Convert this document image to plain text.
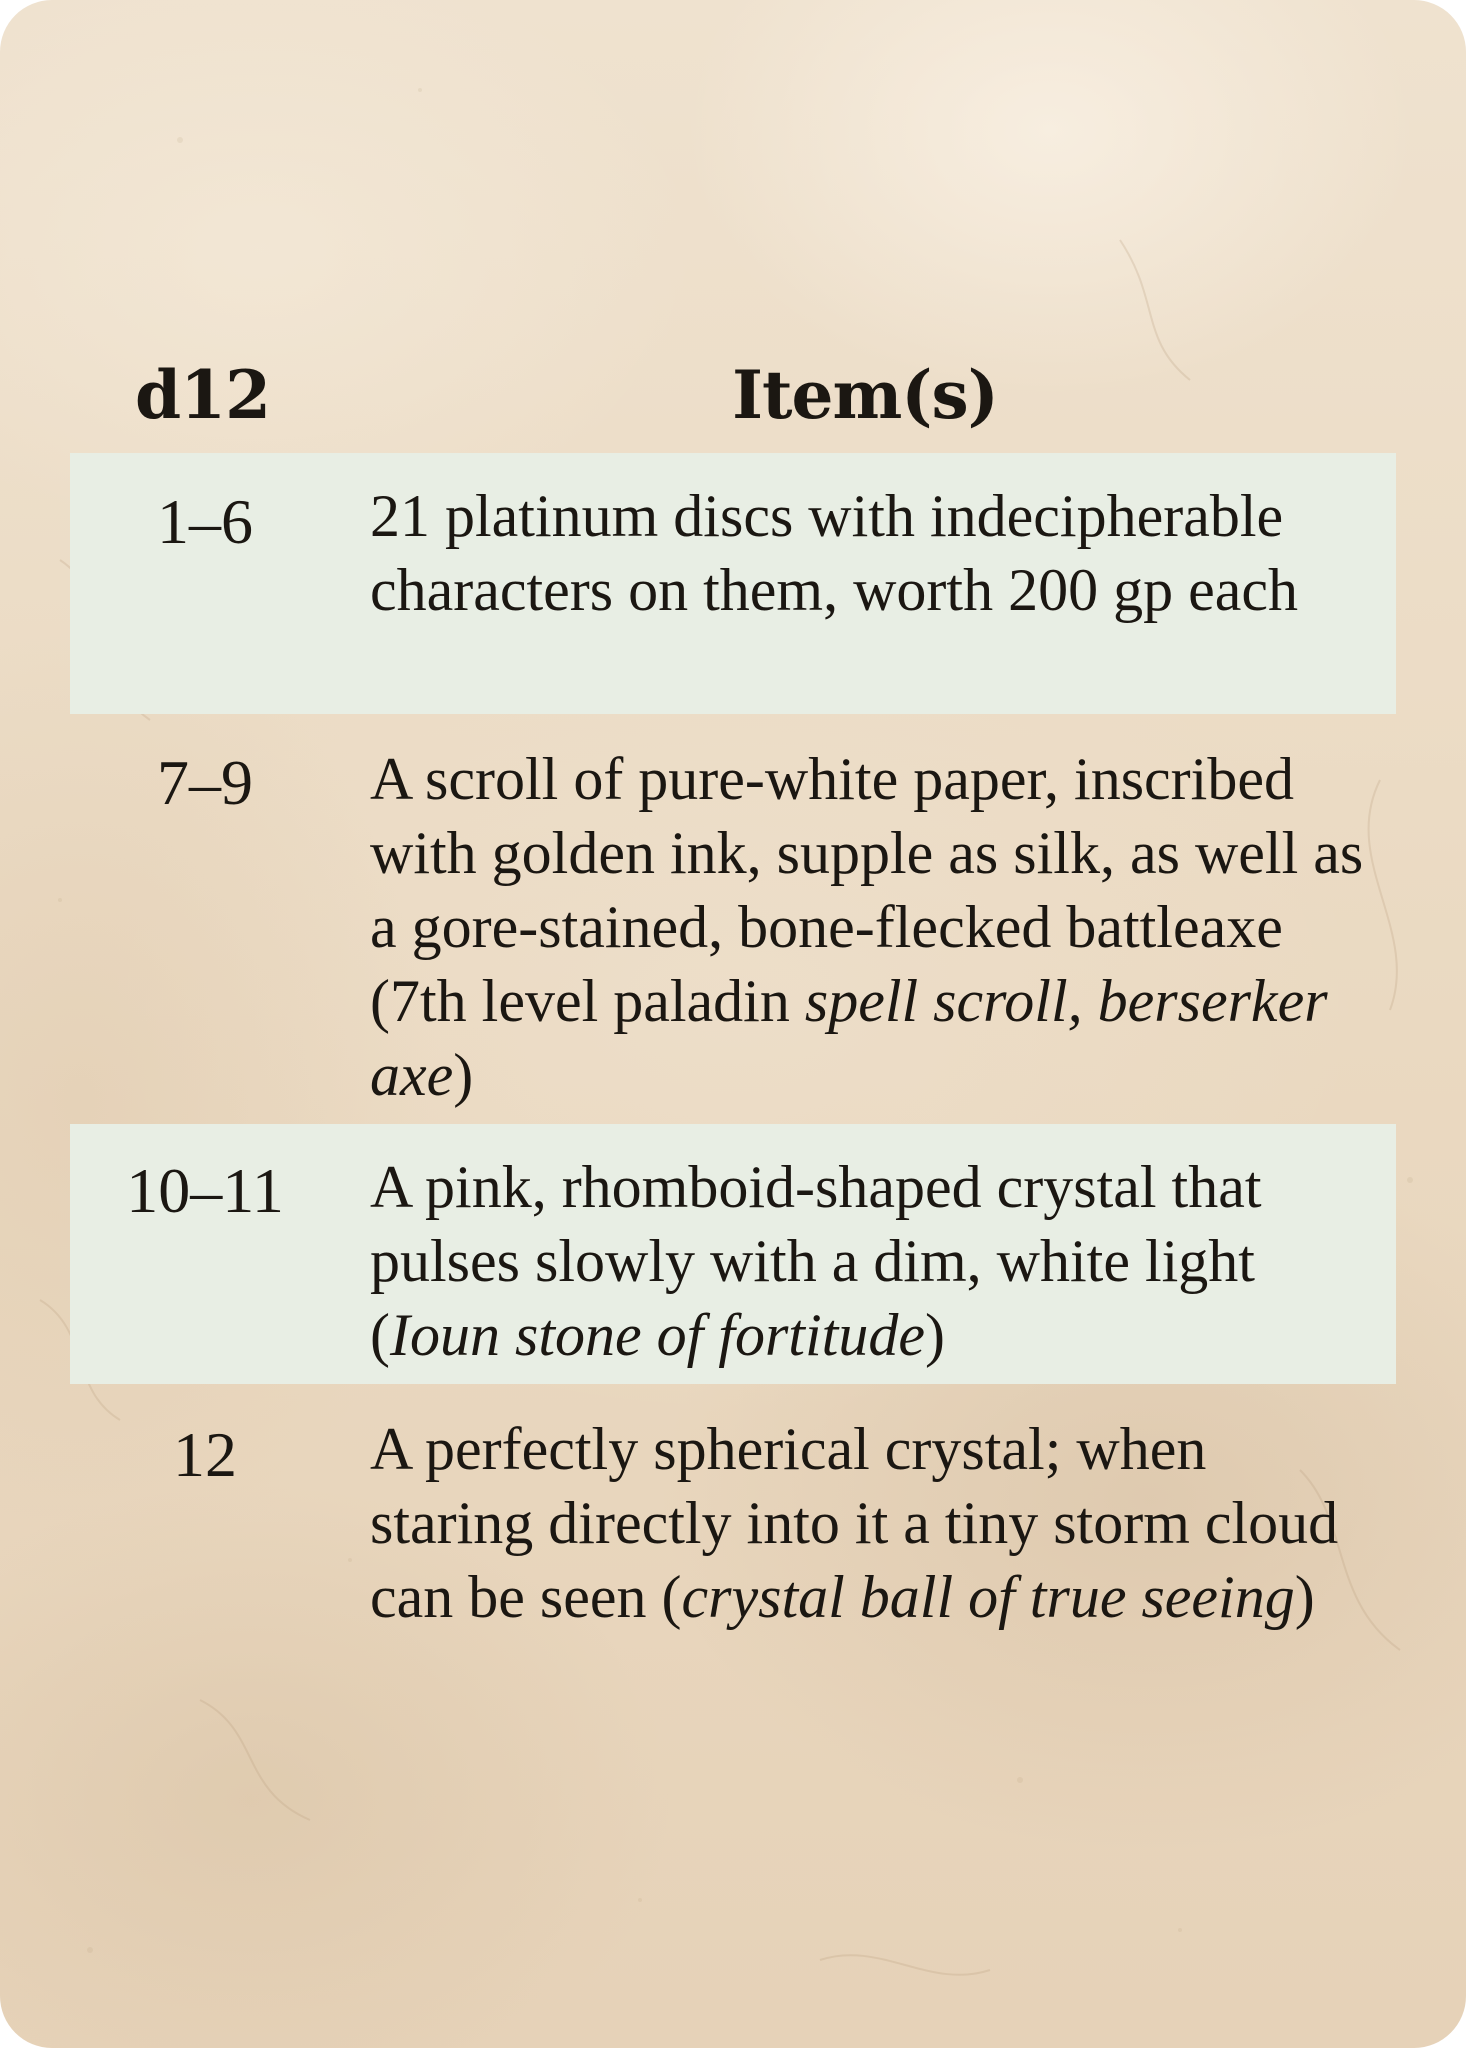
d12	Item(s)
1–6	21 platinum discs with indecipherable characters on them, worth 200 gp each
7–9	A scroll of pure-white paper, inscribed with golden ink, supple as silk, as well as a gore-stained, bone-flecked battleaxe (7th level paladin spell scroll, berserker axe)
10–11	A pink, rhomboid-shaped crystal that pulses slowly with a dim, white light (Ioun stone of fortitude)
12	A perfectly spherical crystal; when staring directly into it a tiny storm cloud can be seen (crystal ball of true seeing)
